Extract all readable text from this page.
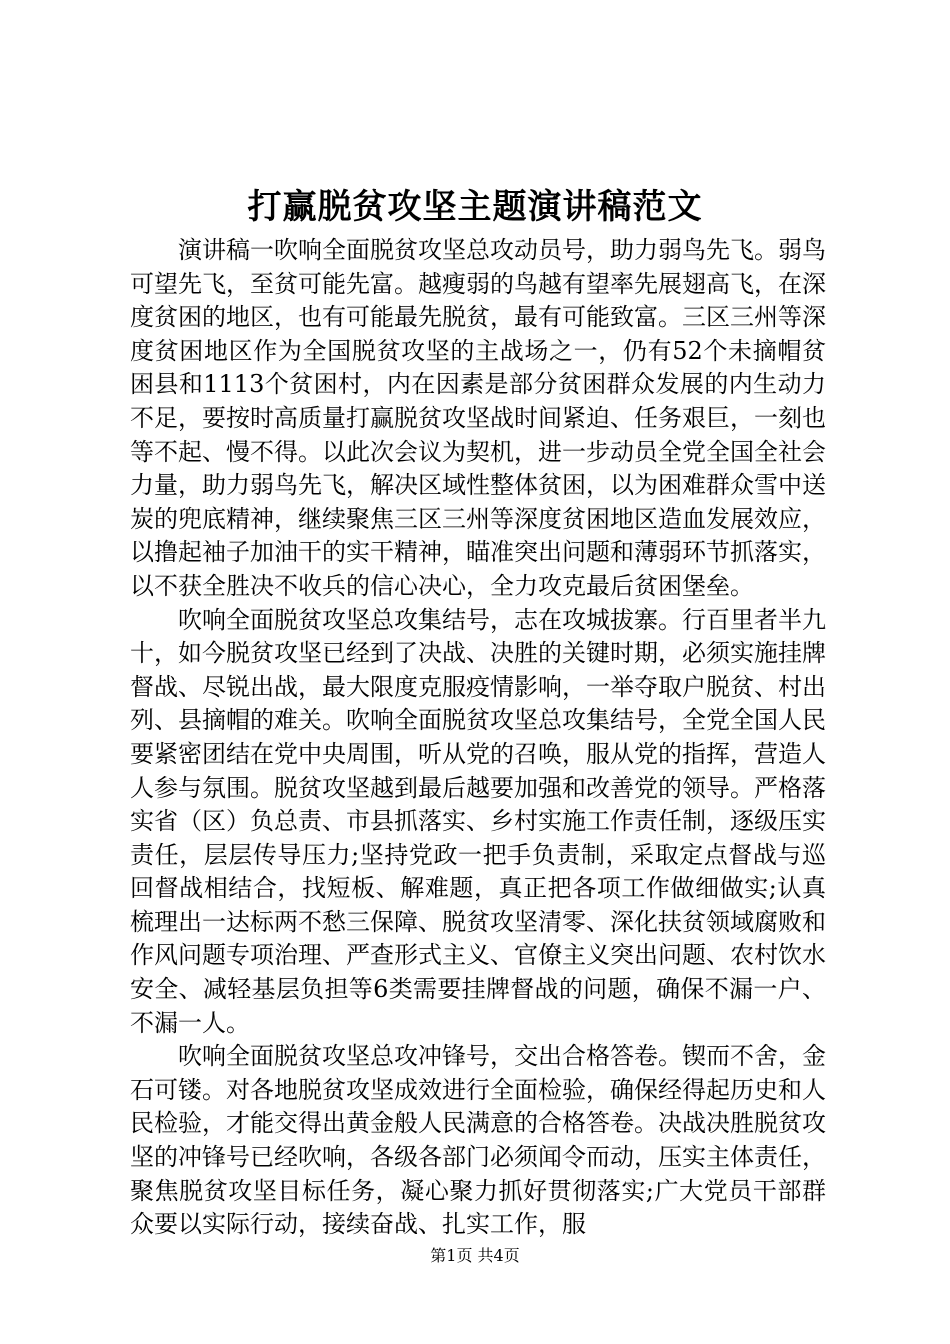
打赢脱贫攻坚主题演讲稿范文

演讲稿一吹响全面脱贫攻坚总攻动员号，助力弱鸟先飞。弱鸟可望先飞，至贫可能先富。越瘦弱的鸟越有望率先展翅高飞，在深度贫困的地区，也有可能最先脱贫，最有可能致富。三区三州等深度贫困地区作为全国脱贫攻坚的主战场之一，仍有52个未摘帽贫困县和1113个贫困村，内在因素是部分贫困群众发展的内生动力不足，要按时高质量打赢脱贫攻坚战时间紧迫、任务艰巨，一刻也等不起、慢不得。以此次会议为契机，进一步动员全党全国全社会力量，助力弱鸟先飞，解决区域性整体贫困，以为困难群众雪中送炭的兜底精神，继续聚焦三区三州等深度贫困地区造血发展效应，以撸起袖子加油干的实干精神，瞄准突出问题和薄弱环节抓落实，以不获全胜决不收兵的信心决心，全力攻克最后贫困堡垒。

吹响全面脱贫攻坚总攻集结号，志在攻城拔寨。行百里者半九十，如今脱贫攻坚已经到了决战、决胜的关键时期，必须实施挂牌督战、尽锐出战，最大限度克服疫情影响，一举夺取户脱贫、村出列、县摘帽的难关。吹响全面脱贫攻坚总攻集结号，全党全国人民要紧密团结在党中央周围，听从党的召唤，服从党的指挥，营造人人参与氛围。脱贫攻坚越到最后越要加强和改善党的领导。严格落实省（区）负总责、市县抓落实、乡村实施工作责任制，逐级压实责任，层层传导压力;坚持党政一把手负责制，采取定点督战与巡回督战相结合，找短板、解难题，真正把各项工作做细做实;认真梳理出一达标两不愁三保障、脱贫攻坚清零、深化扶贫领域腐败和作风问题专项治理、严查形式主义、官僚主义突出问题、农村饮水安全、减轻基层负担等6类需要挂牌督战的问题，确保不漏一户、不漏一人。

吹响全面脱贫攻坚总攻冲锋号，交出合格答卷。锲而不舍，金石可镂。对各地脱贫攻坚成效进行全面检验，确保经得起历史和人民检验，才能交得出黄金般人民满意的合格答卷。决战决胜脱贫攻坚的冲锋号已经吹响，各级各部门必须闻令而动，压实主体责任，聚焦脱贫攻坚目标任务，凝心聚力抓好贯彻落实;广大党员干部群众要以实际行动，接续奋战、扎实工作，服

第1页 共4页
